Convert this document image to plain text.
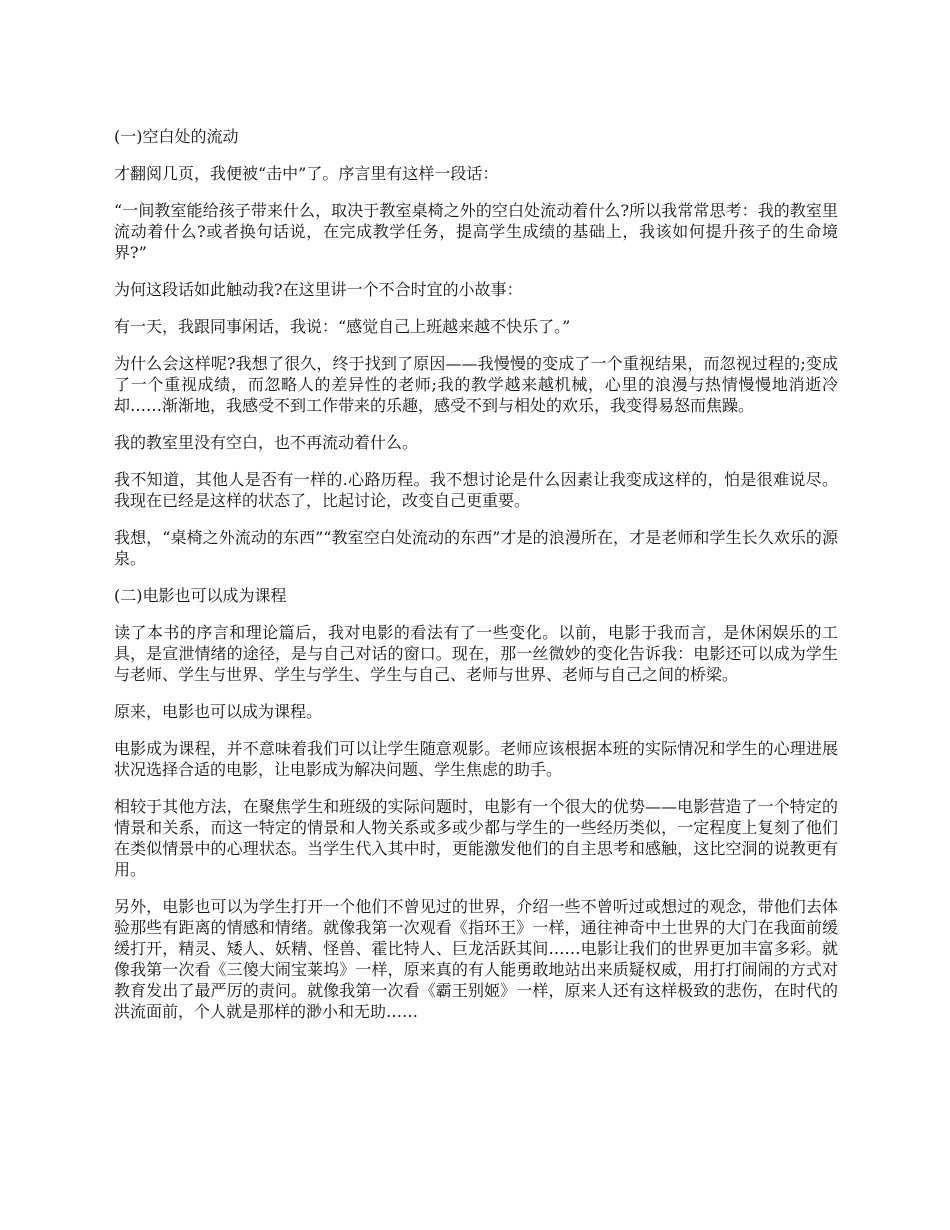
(一)空白处的流动

才翻阅几页，我便被“击中”了。序言里有这样一段话：

“一间教室能给孩子带来什么，取决于教室桌椅之外的空白处流动着什么?所以我常常思考：我的教室里流动着什么?或者换句话说，在完成教学任务，提高学生成绩的基础上，我该如何提升孩子的生命境界?”

为何这段话如此触动我?在这里讲一个不合时宜的小故事：

有一天，我跟同事闲话，我说：“感觉自己上班越来越不快乐了。”

为什么会这样呢?我想了很久，终于找到了原因——我慢慢的变成了一个重视结果，而忽视过程的;变成了一个重视成绩，而忽略人的差异性的老师;我的教学越来越机械，心里的浪漫与热情慢慢地消逝冷却……渐渐地，我感受不到工作带来的乐趣，感受不到与相处的欢乐，我变得易怒而焦躁。

我的教室里没有空白，也不再流动着什么。

我不知道，其他人是否有一样的.心路历程。我不想讨论是什么因素让我变成这样的，怕是很难说尽。我现在已经是这样的状态了，比起讨论，改变自己更重要。

我想，“桌椅之外流动的东西”“教室空白处流动的东西”才是的浪漫所在，才是老师和学生长久欢乐的源泉。

(二)电影也可以成为课程

读了本书的序言和理论篇后，我对电影的看法有了一些变化。以前，电影于我而言，是休闲娱乐的工具，是宣泄情绪的途径，是与自己对话的窗口。现在，那一丝微妙的变化告诉我：电影还可以成为学生与老师、学生与世界、学生与学生、学生与自己、老师与世界、老师与自己之间的桥梁。

原来，电影也可以成为课程。

电影成为课程，并不意味着我们可以让学生随意观影。老师应该根据本班的实际情况和学生的心理进展状况选择合适的电影，让电影成为解决问题、学生焦虑的助手。

相较于其他方法，在聚焦学生和班级的实际问题时，电影有一个很大的优势——电影营造了一个特定的情景和关系，而这一特定的情景和人物关系或多或少都与学生的一些经历类似，一定程度上复刻了他们在类似情景中的心理状态。当学生代入其中时，更能激发他们的自主思考和感触，这比空洞的说教更有用。

另外，电影也可以为学生打开一个他们不曾见过的世界，介绍一些不曾听过或想过的观念，带他们去体验那些有距离的情感和情绪。就像我第一次观看《指环王》一样，通往神奇中土世界的大门在我面前缓缓打开，精灵、矮人、妖精、怪兽、霍比特人、巨龙活跃其间……电影让我们的世界更加丰富多彩。就像我第一次看《三傻大闹宝莱坞》一样，原来真的有人能勇敢地站出来质疑权威，用打打闹闹的方式对教育发出了最严厉的责问。就像我第一次看《霸王别姬》一样，原来人还有这样极致的悲伤，在时代的洪流面前，个人就是那样的渺小和无助……
